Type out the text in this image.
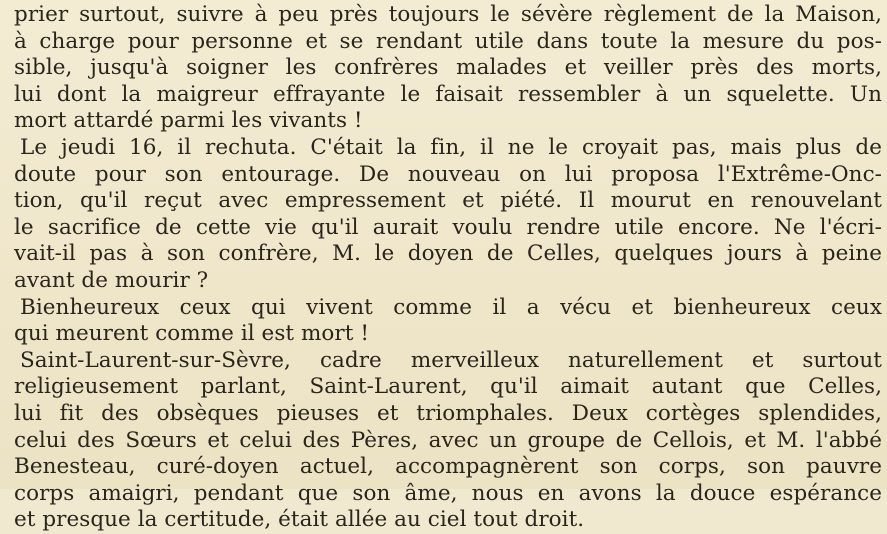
prier surtout, suivre à peu près toujours le sévère règlement de la Maison,
à charge pour personne et se rendant utile dans toute la mesure du pos-
sible, jusqu'à soigner les confrères malades et veiller près des morts,
lui dont la maigreur effrayante le faisait ressembler à un squelette. Un
mort attardé parmi les vivants !
Le jeudi 16, il rechuta. C'était la fin, il ne le croyait pas, mais plus de
doute pour son entourage. De nouveau on lui proposa l'Extrême-Onc-
tion, qu'il reçut avec empressement et piété. Il mourut en renouvelant
le sacrifice de cette vie qu'il aurait voulu rendre utile encore. Ne l'écri-
vait-il pas à son confrère, M. le doyen de Celles, quelques jours à peine
avant de mourir ?
Bienheureux ceux qui vivent comme il a vécu et bienheureux ceux
qui meurent comme il est mort !
Saint-Laurent-sur-Sèvre, cadre merveilleux naturellement et surtout
religieusement parlant, Saint-Laurent, qu'il aimait autant que Celles,
lui fit des obsèques pieuses et triomphales. Deux cortèges splendides,
celui des Sœurs et celui des Pères, avec un groupe de Cellois, et M. l'abbé
Benesteau, curé-doyen actuel, accompagnèrent son corps, son pauvre
corps amaigri, pendant que son âme, nous en avons la douce espérance
et presque la certitude, était allée au ciel tout droit.
